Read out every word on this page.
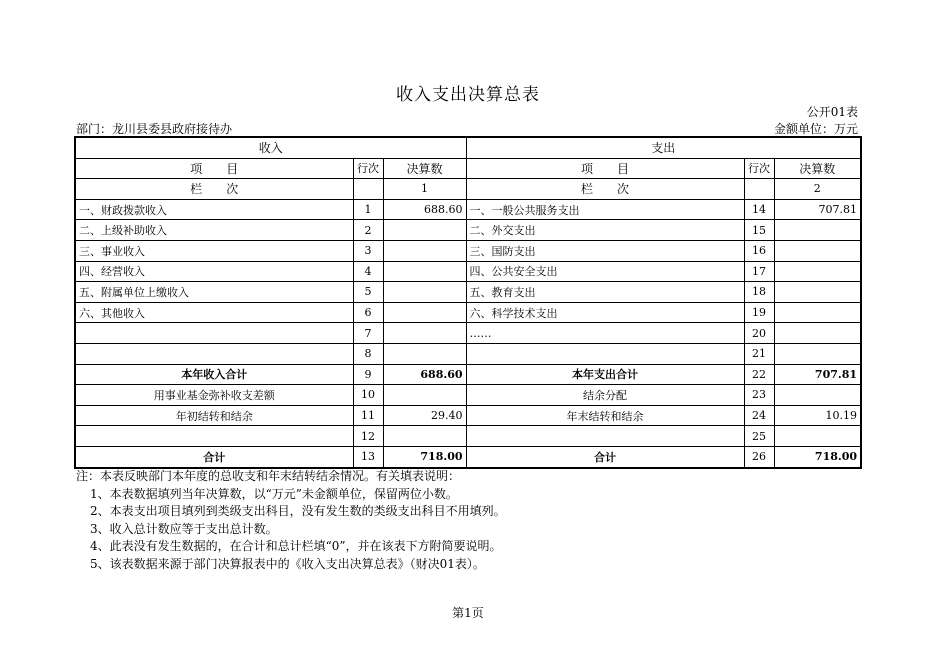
收入支出决算总表
公开01表
部门：龙川县委县政府接待办	金额单位：万元
收入			支出		
项　　目	行次	决算数	项　　目	行次	决算数
栏　　次		1	栏　　次		2
一、财政拨款收入	1	688.60	一、一般公共服务支出	14	707.81
二、上级补助收入	2		二、外交支出	15	
三、事业收入	3		三、国防支出	16	
四、经营收入	4		四、公共安全支出	17	
五、附属单位上缴收入	5		五、教育支出	18	
六、其他收入	6		六、科学技术支出	19	
	7		……	20	
	8			21	
本年收入合计	9	688.60	本年支出合计	22	707.81
用事业基金弥补收支差额	10		结余分配	23	
年初结转和结余	11	29.40	年末结转和结余	24	10.19
	12			25	
合计	13	718.00	合计	26	718.00
注：本表反映部门本年度的总收支和年末结转结余情况。有关填表说明：
1、本表数据填列当年决算数，以“万元”未金额单位，保留两位小数。
2、本表支出项目填列到类级支出科目，没有发生数的类级支出科目不用填列。
3、收入总计数应等于支出总计数。
4、此表没有发生数据的，在合计和总计栏填“0”，并在该表下方附简要说明。
5、该表数据来源于部门决算报表中的《收入支出决算总表》（财决01表）。
第1页
